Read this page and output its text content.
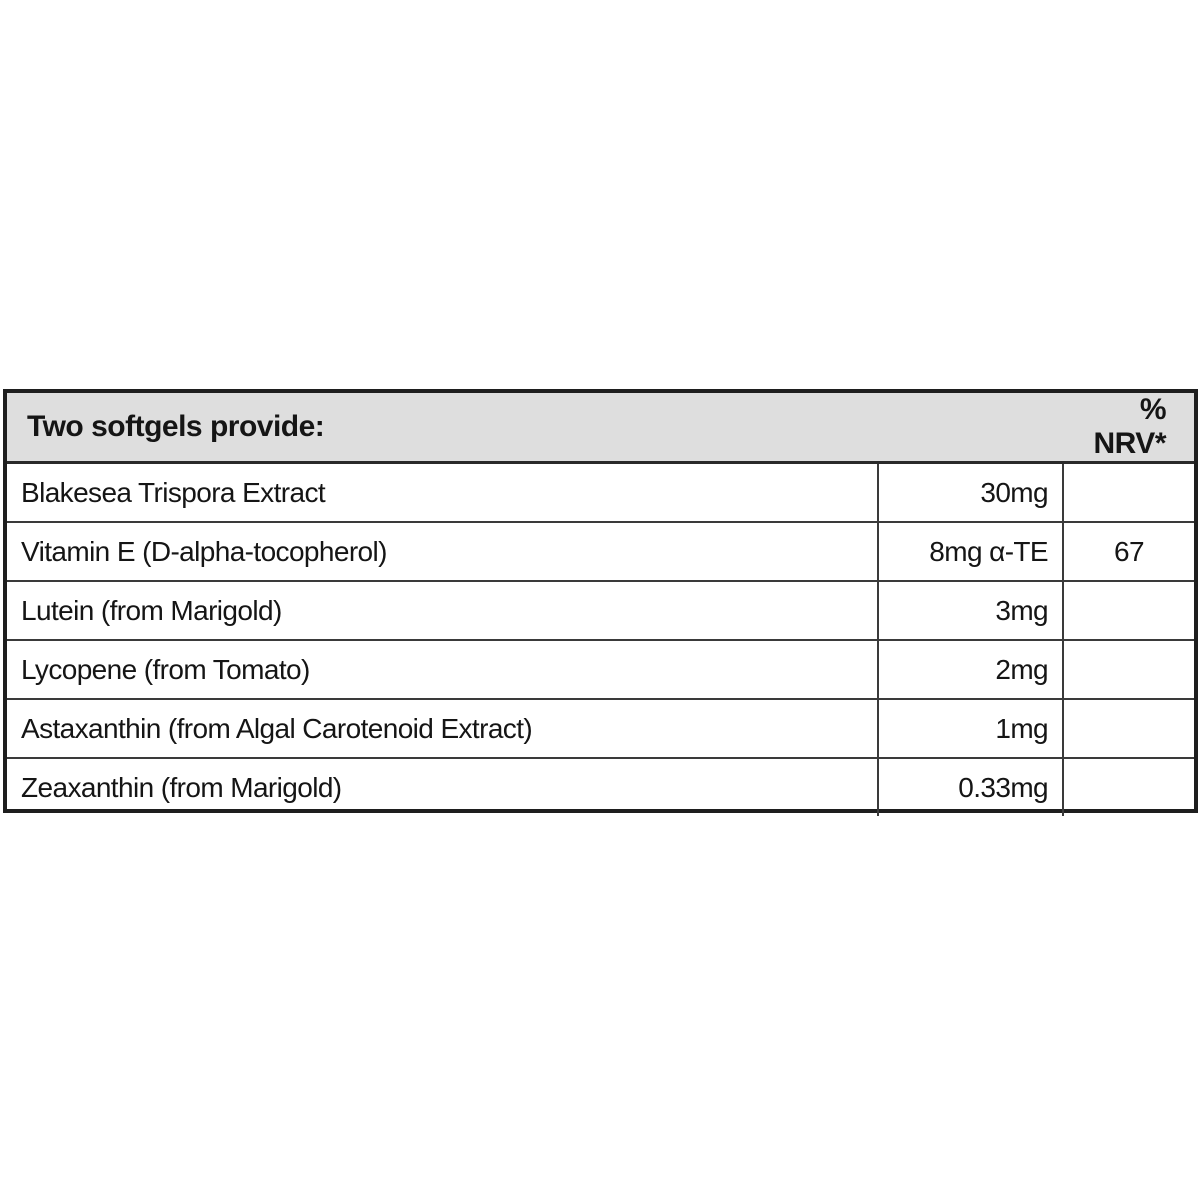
Two softgels provide:		% NRV*
Blakesea Trispora Extract	30mg	
Vitamin E (D-alpha-tocopherol)	8mg α-TE	67
Lutein (from Marigold)	3mg	
Lycopene (from Tomato)	2mg	
Astaxanthin (from Algal Carotenoid Extract)	1mg	
Zeaxanthin (from Marigold)	0.33mg	
